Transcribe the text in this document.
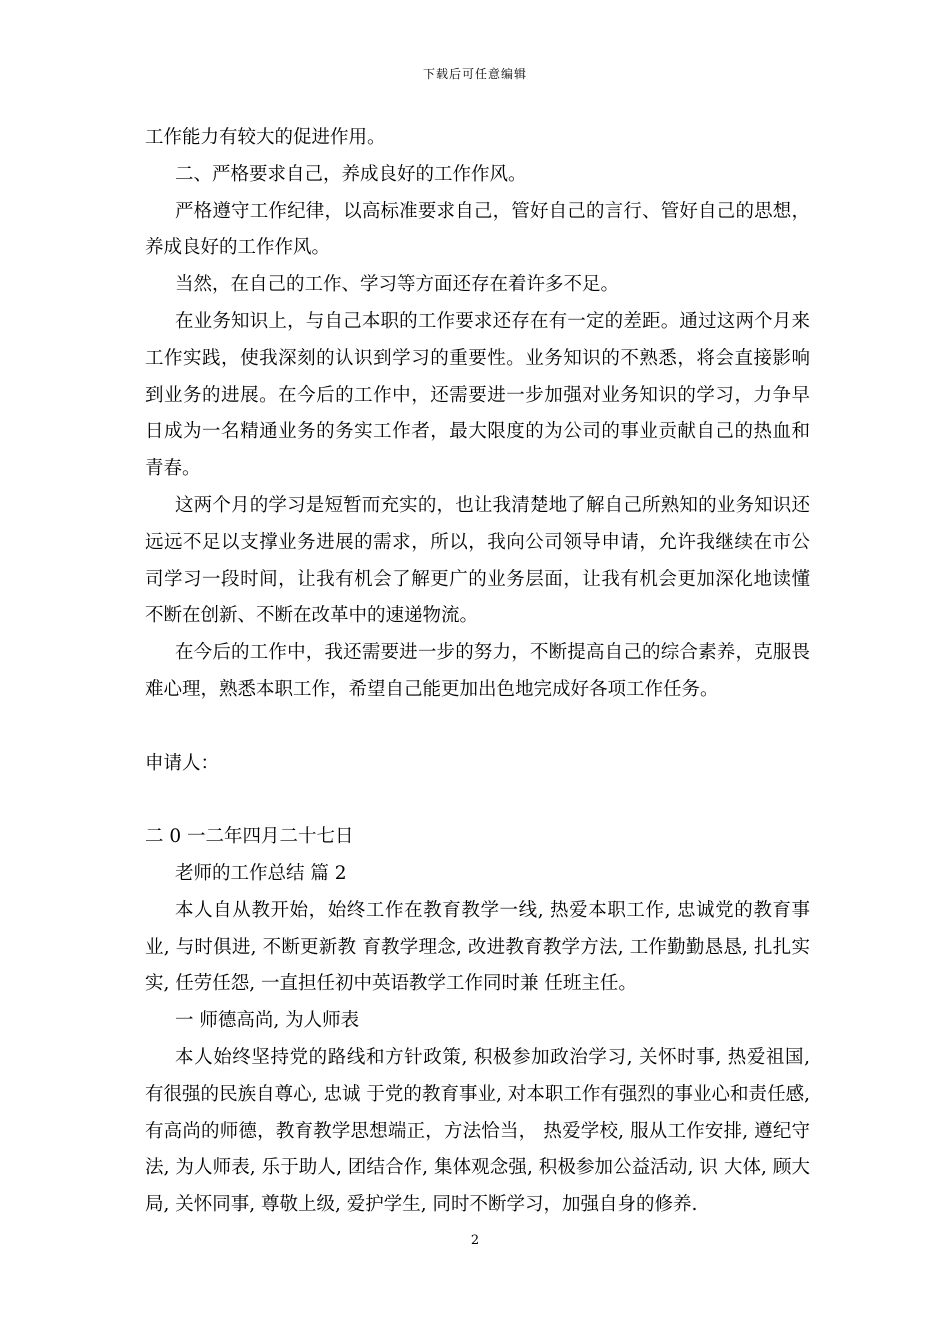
下载后可任意编辑

工作能力有较大的促进作用。

二、严格要求自己，养成良好的工作作风。

严格遵守工作纪律，以高标准要求自己，管好自己的言行、管好自己的思想，养成良好的工作作风。

当然，在自己的工作、学习等方面还存在着许多不足。

在业务知识上，与自己本职的工作要求还存在有一定的差距。通过这两个月来工作实践，使我深刻的认识到学习的重要性。业务知识的不熟悉，将会直接影响到业务的进展。在今后的工作中，还需要进一步加强对业务知识的学习，力争早日成为一名精通业务的务实工作者，最大限度的为公司的事业贡献自己的热血和青春。

这两个月的学习是短暂而充实的，也让我清楚地了解自己所熟知的业务知识还远远不足以支撑业务进展的需求，所以，我向公司领导申请，允许我继续在市公司学习一段时间，让我有机会了解更广的业务层面，让我有机会更加深化地读懂不断在创新、不断在改革中的速递物流。

在今后的工作中，我还需要进一步的努力，不断提高自己的综合素养，克服畏难心理，熟悉本职工作，希望自己能更加出色地完成好各项工作任务。

申请人：

二 0 一二年四月二十七日

老师的工作总结 篇 2

本人自从教开始，始终工作在教育教学一线, 热爱本职工作, 忠诚党的教育事业, 与时俱进, 不断更新教 育教学理念, 改进教育教学方法, 工作勤勤恳恳, 扎扎实实, 任劳任怨, 一直担任初中英语教学工作同时兼 任班主任。

一 师德高尚, 为人师表

本人始终坚持党的路线和方针政策, 积极参加政治学习, 关怀时事, 热爱祖国, 有很强的民族自尊心, 忠诚 于党的教育事业, 对本职工作有强烈的事业心和责任感, 有高尚的师德，教育教学思想端正，方法恰当， 热爱学校, 服从工作安排, 遵纪守法, 为人师表, 乐于助人, 团结合作, 集体观念强, 积极参加公益活动, 识 大体, 顾大局, 关怀同事, 尊敬上级, 爱护学生, 同时不断学习，加强自身的修养.

2
